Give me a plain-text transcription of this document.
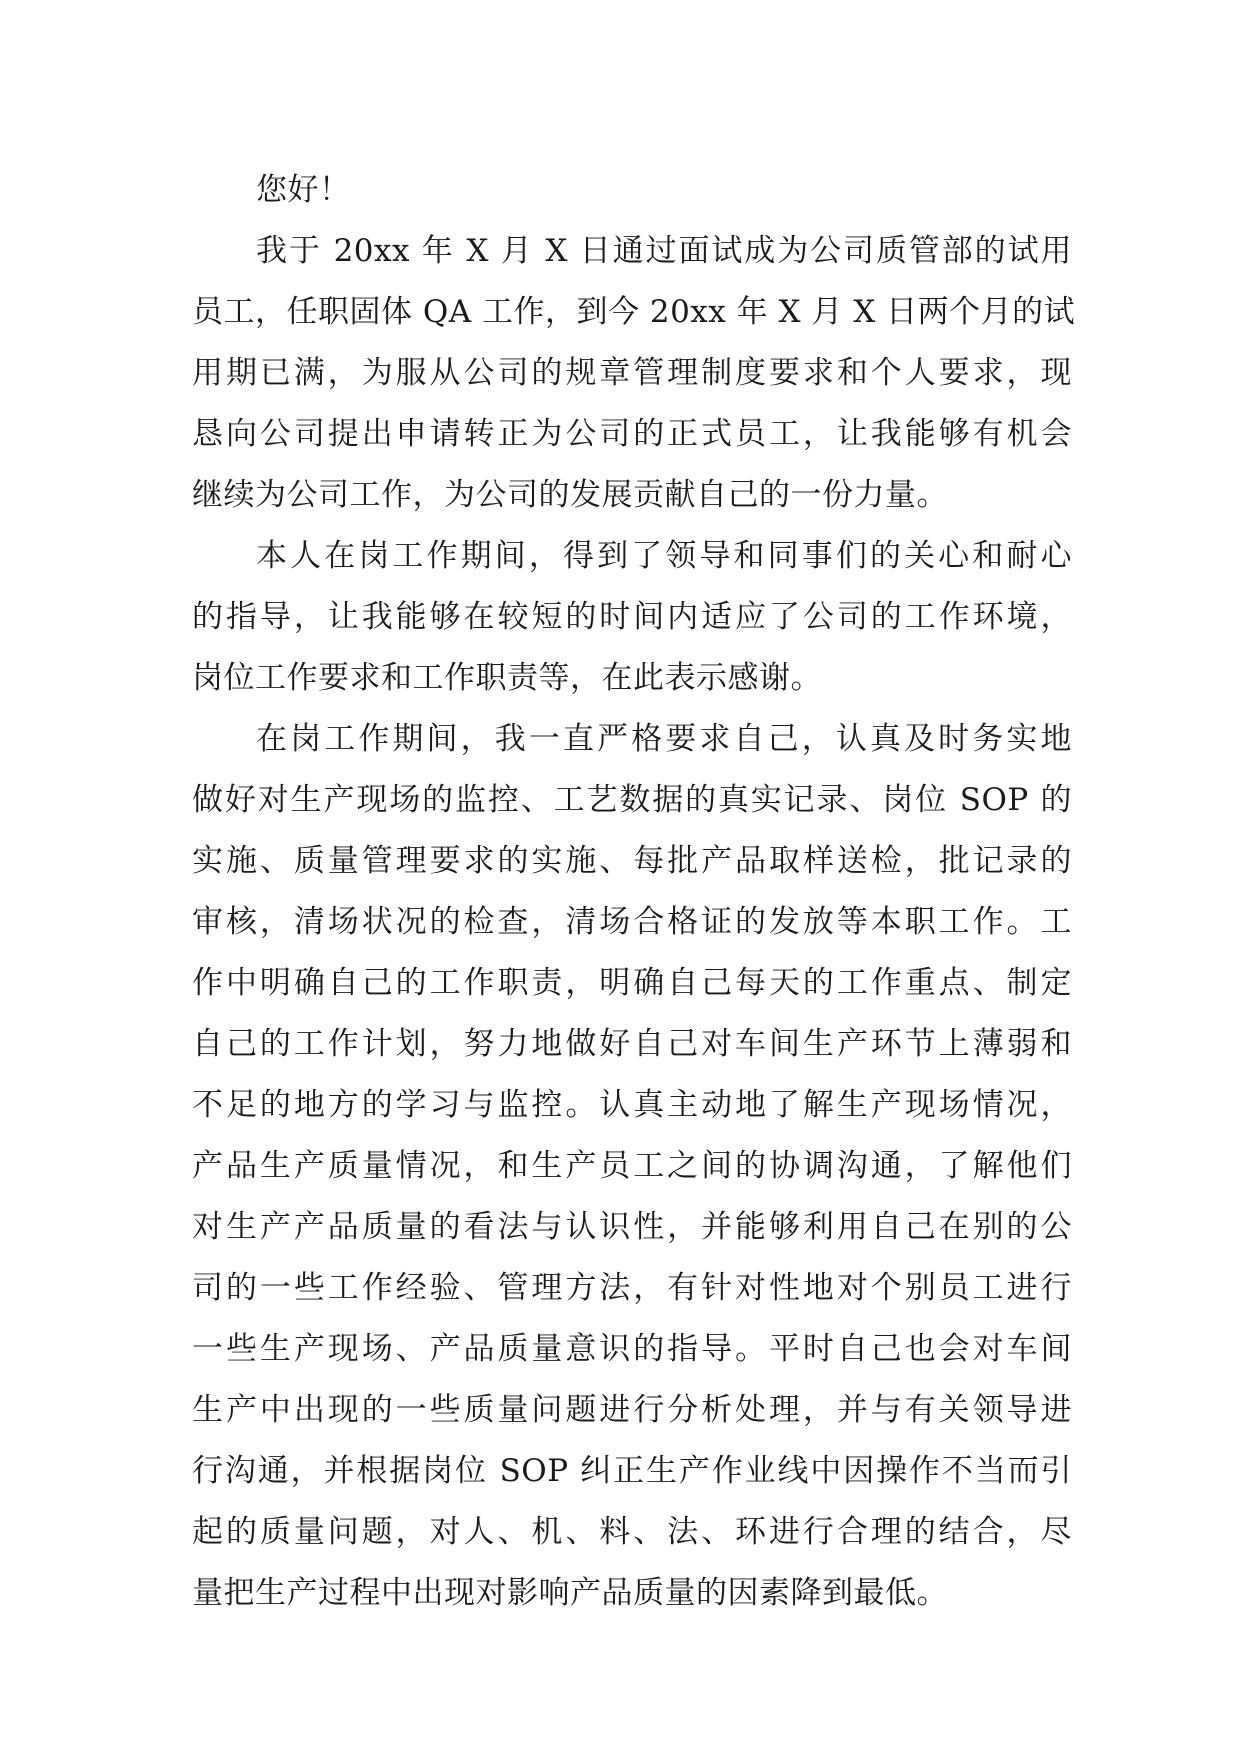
您好！
我于 20xx 年 X 月 X 日通过面试成为公司质管部的试用
员工，任职固体 QA 工作，到今 20xx 年 X 月 X 日两个月的试
用期已满，为服从公司的规章管理制度要求和个人要求，现
恳向公司提出申请转正为公司的正式员工，让我能够有机会
继续为公司工作，为公司的发展贡献自己的一份力量。
本人在岗工作期间，得到了领导和同事们的关心和耐心
的指导，让我能够在较短的时间内适应了公司的工作环境，
岗位工作要求和工作职责等，在此表示感谢。
在岗工作期间，我一直严格要求自己，认真及时务实地
做好对生产现场的监控、工艺数据的真实记录、岗位 SOP 的
实施、质量管理要求的实施、每批产品取样送检，批记录的
审核，清场状况的检查，清场合格证的发放等本职工作。工
作中明确自己的工作职责，明确自己每天的工作重点、制定
自己的工作计划，努力地做好自己对车间生产环节上薄弱和
不足的地方的学习与监控。认真主动地了解生产现场情况，
产品生产质量情况，和生产员工之间的协调沟通，了解他们
对生产产品质量的看法与认识性，并能够利用自己在别的公
司的一些工作经验、管理方法，有针对性地对个别员工进行
一些生产现场、产品质量意识的指导。平时自己也会对车间
生产中出现的一些质量问题进行分析处理，并与有关领导进
行沟通，并根据岗位 SOP 纠正生产作业线中因操作不当而引
起的质量问题，对人、机、料、法、环进行合理的结合，尽
量把生产过程中出现对影响产品质量的因素降到最低。
